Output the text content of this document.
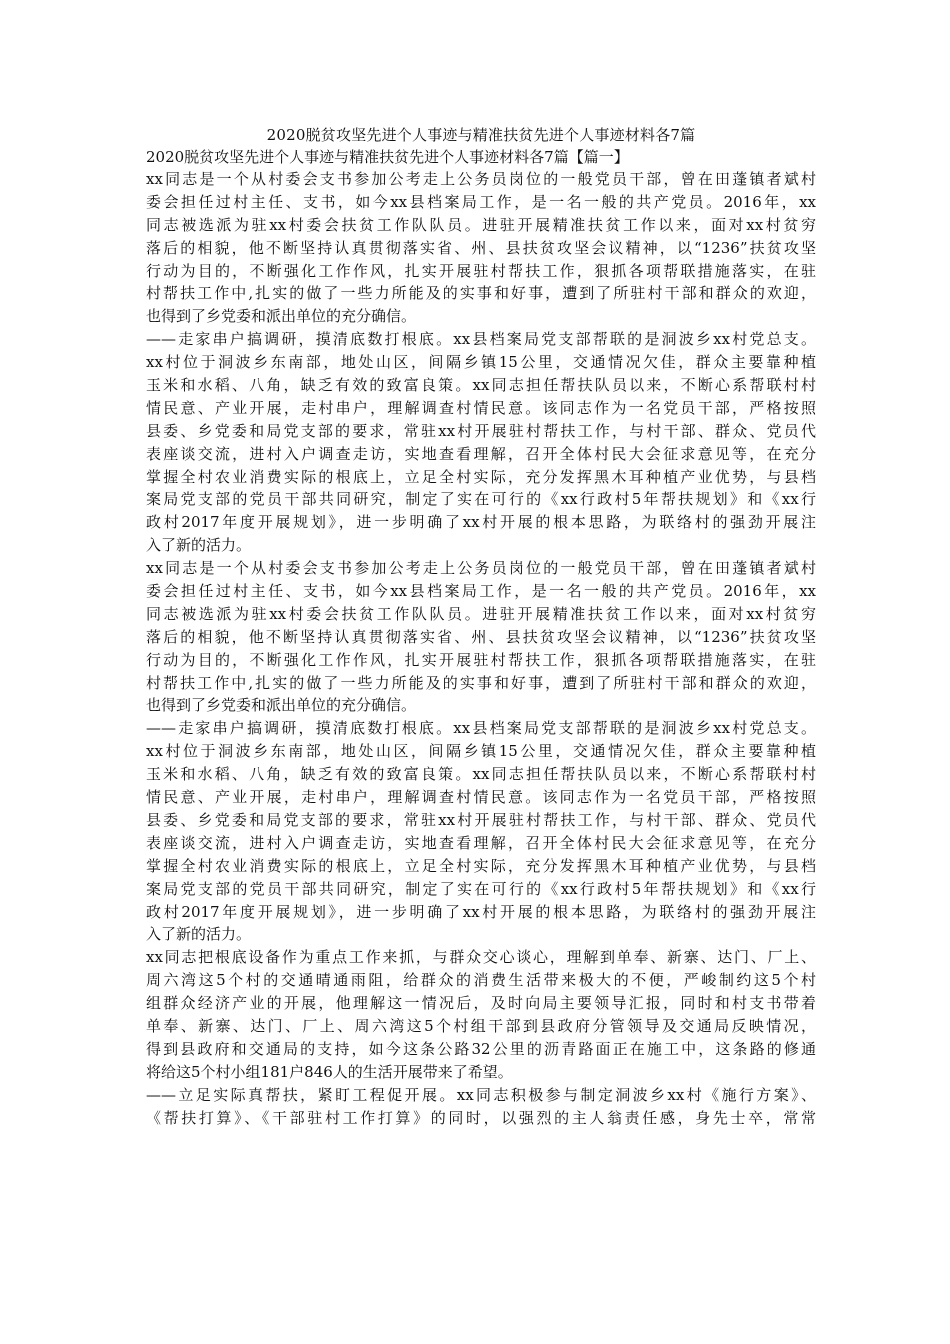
2020脱贫攻坚先进个人事迹与精准扶贫先进个人事迹材料各7篇
2020脱贫攻坚先进个人事迹与精准扶贫先进个人事迹材料各7篇【篇一】
xx同志是一个从村委会支书参加公考走上公务员岗位的一般党员干部，曾在田蓬镇者斌村
委会担任过村主任、支书，如今xx县档案局工作，是一名一般的共产党员。2016年，xx
同志被选派为驻xx村委会扶贫工作队队员。进驻开展精准扶贫工作以来，面对xx村贫穷
落后的相貌，他不断坚持认真贯彻落实省、州、县扶贫攻坚会议精神，以“1236”扶贫攻坚
行动为目的，不断强化工作作风，扎实开展驻村帮扶工作，狠抓各项帮联措施落实，在驻
村帮扶工作中,扎实的做了一些力所能及的实事和好事，遭到了所驻村干部和群众的欢迎，
也得到了乡党委和派出单位的充分确信。
——走家串户搞调研，摸清底数打根底。xx县档案局党支部帮联的是洞波乡xx村党总支。
xx村位于洞波乡东南部，地处山区，间隔乡镇15公里，交通情况欠佳，群众主要靠种植
玉米和水稻、八角，缺乏有效的致富良策。xx同志担任帮扶队员以来，不断心系帮联村村
情民意、产业开展，走村串户，理解调查村情民意。该同志作为一名党员干部，严格按照
县委、乡党委和局党支部的要求，常驻xx村开展驻村帮扶工作，与村干部、群众、党员代
表座谈交流，进村入户调查走访，实地查看理解，召开全体村民大会征求意见等，在充分
掌握全村农业消费实际的根底上，立足全村实际，充分发挥黑木耳种植产业优势，与县档
案局党支部的党员干部共同研究，制定了实在可行的《xx行政村5年帮扶规划》和《xx行
政村2017年度开展规划》，进一步明确了xx村开展的根本思路，为联络村的强劲开展注
入了新的活力。
xx同志是一个从村委会支书参加公考走上公务员岗位的一般党员干部，曾在田蓬镇者斌村
委会担任过村主任、支书，如今xx县档案局工作，是一名一般的共产党员。2016年，xx
同志被选派为驻xx村委会扶贫工作队队员。进驻开展精准扶贫工作以来，面对xx村贫穷
落后的相貌，他不断坚持认真贯彻落实省、州、县扶贫攻坚会议精神，以“1236”扶贫攻坚
行动为目的，不断强化工作作风，扎实开展驻村帮扶工作，狠抓各项帮联措施落实，在驻
村帮扶工作中,扎实的做了一些力所能及的实事和好事，遭到了所驻村干部和群众的欢迎，
也得到了乡党委和派出单位的充分确信。
——走家串户搞调研，摸清底数打根底。xx县档案局党支部帮联的是洞波乡xx村党总支。
xx村位于洞波乡东南部，地处山区，间隔乡镇15公里，交通情况欠佳，群众主要靠种植
玉米和水稻、八角，缺乏有效的致富良策。xx同志担任帮扶队员以来，不断心系帮联村村
情民意、产业开展，走村串户，理解调查村情民意。该同志作为一名党员干部，严格按照
县委、乡党委和局党支部的要求，常驻xx村开展驻村帮扶工作，与村干部、群众、党员代
表座谈交流，进村入户调查走访，实地查看理解，召开全体村民大会征求意见等，在充分
掌握全村农业消费实际的根底上，立足全村实际，充分发挥黑木耳种植产业优势，与县档
案局党支部的党员干部共同研究，制定了实在可行的《xx行政村5年帮扶规划》和《xx行
政村2017年度开展规划》，进一步明确了xx村开展的根本思路，为联络村的强劲开展注
入了新的活力。
xx同志把根底设备作为重点工作来抓，与群众交心谈心，理解到单奉、新寨、达门、厂上、
周六湾这5个村的交通晴通雨阻，给群众的消费生活带来极大的不便，严峻制约这5个村
组群众经济产业的开展，他理解这一情况后，及时向局主要领导汇报，同时和村支书带着
单奉、新寨、达门、厂上、周六湾这5个村组干部到县政府分管领导及交通局反映情况，
得到县政府和交通局的支持，如今这条公路32公里的沥青路面正在施工中，这条路的修通
将给这5个村小组181户846人的生活开展带来了希望。
——立足实际真帮扶，紧盯工程促开展。xx同志积极参与制定洞波乡xx村《施行方案》、
《帮扶打算》、《干部驻村工作打算》的同时，以强烈的主人翁责任感，身先士卒，常常
